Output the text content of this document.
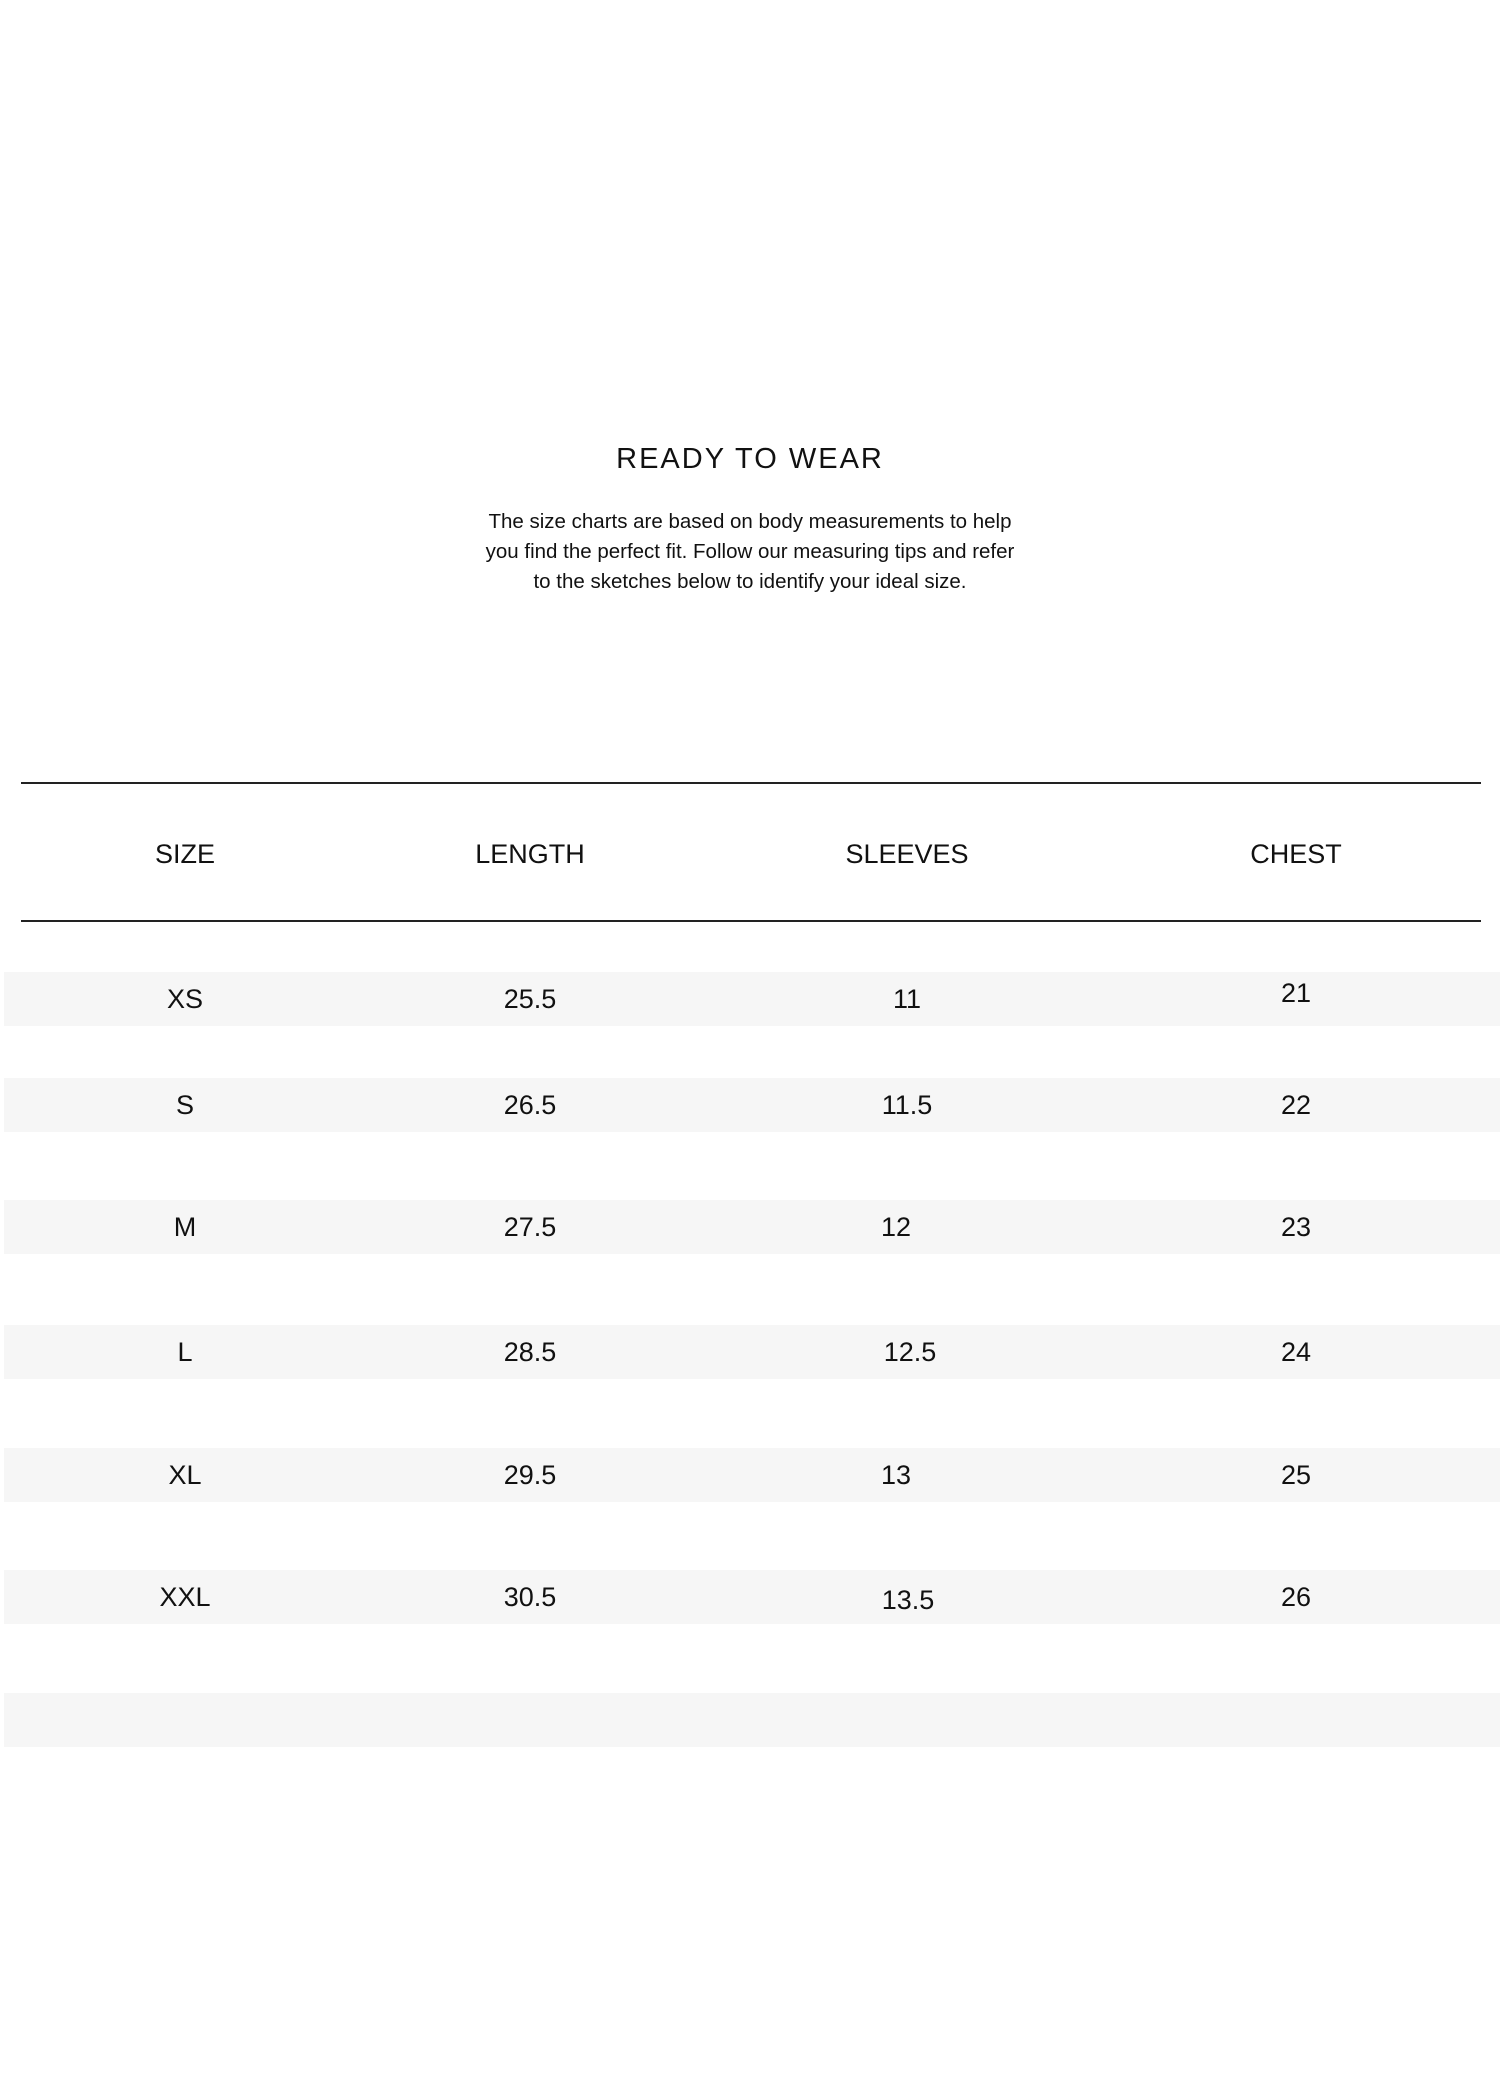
READY TO WEAR

The size charts are based on body measurements to help
you find the perfect fit. Follow our measuring tips and refer
to the sketches below to identify your ideal size.

SIZE	LENGTH	SLEEVES	CHEST
XS	25.5	11	21
S	26.5	11.5	22
M	27.5	12	23
L	28.5	12.5	24
XL	29.5	13	25
XXL	30.5	13.5	26
